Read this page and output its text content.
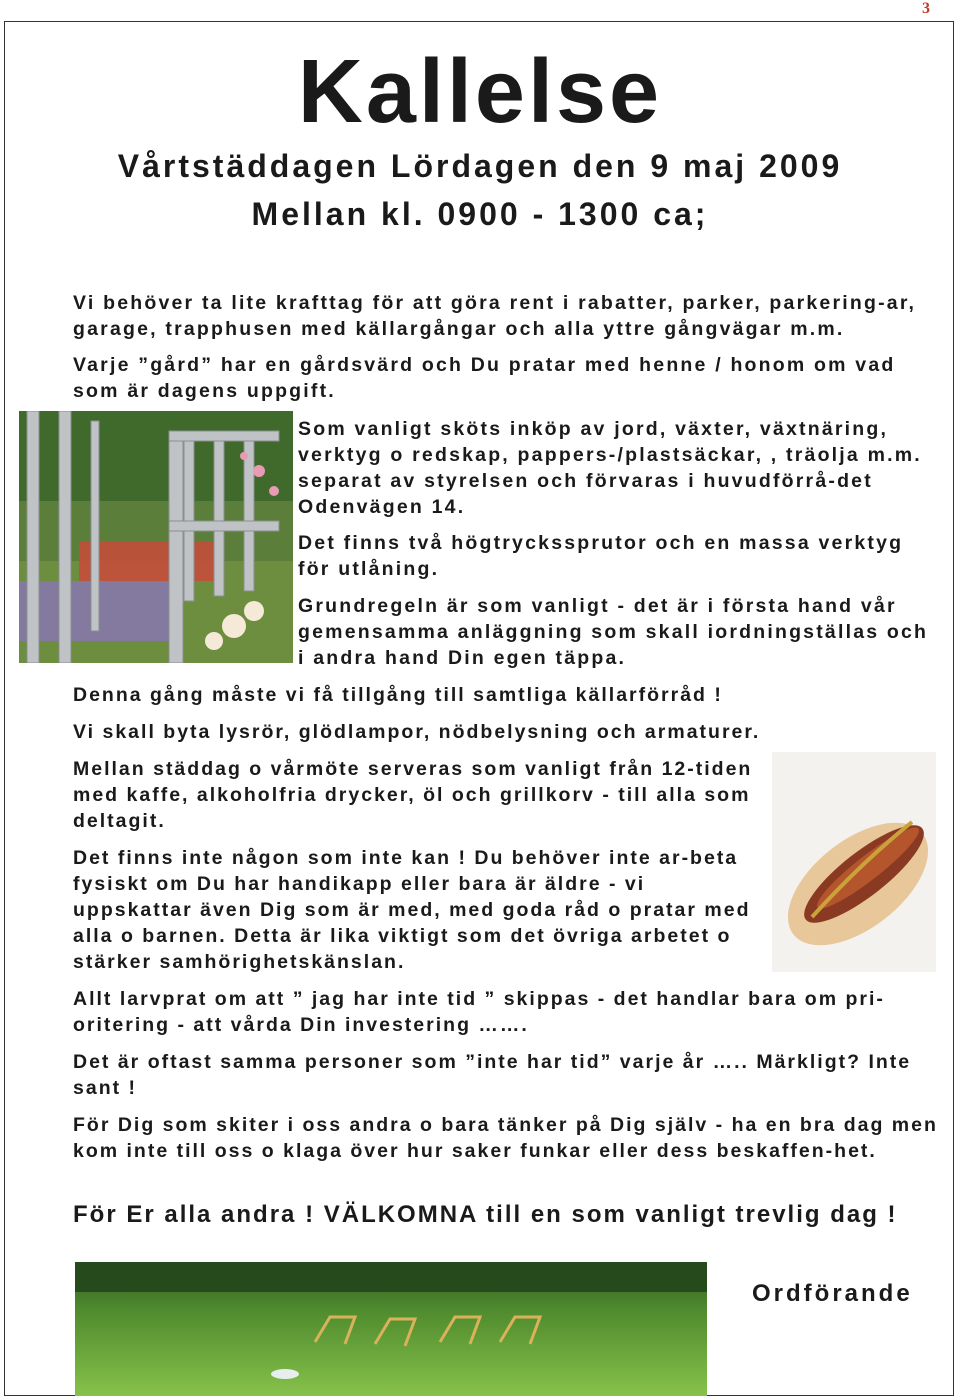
3
Kallelse
Vårtstäddagen Lördagen den 9 maj 2009
Mellan kl. 0900 - 1300 ca;

Vi behöver ta lite krafttag för att göra rent i rabatter, parker, parkering-ar, garage, trapphusen med källargångar och alla yttre gångvägar m.m.

Varje ”gård” har en gårdsvärd och Du pratar med henne / honom om vad som är dagens uppgift.

Som vanligt sköts inköp av jord, växter, växtnäring, verktyg o redskap, pappers-/plastsäckar, , träolja m.m. separat av styrelsen och förvaras i huvudförrå-det Odenvägen 14.

Det finns två högtryckssprutor och en massa verktyg för utlåning.

Grundregeln är som vanligt - det är i första hand vår gemensamma anläggning som skall iordningställas och i andra hand Din egen täppa.

Denna gång måste vi få tillgång till samtliga källarförråd !

Vi skall byta lysrör, glödlampor, nödbelysning och armaturer.

Mellan städdag o vårmöte serveras som vanligt från 12-tiden med kaffe, alkoholfria drycker, öl och grillkorv - till alla som deltagit.

Det finns inte någon som inte kan ! Du behöver inte ar-beta fysiskt om Du har handikapp eller bara är äldre - vi uppskattar även Dig som är med, med goda råd o pratar med alla o barnen. Detta är lika viktigt som det övriga arbetet o stärker samhörighetskänslan.

Allt larvprat om att ” jag har inte tid ” skippas - det handlar bara om pri-oritering - att vårda Din investering …….

Det är oftast samma personer som ”inte har tid” varje år ….. Märkligt? Inte sant !

För Dig som skiter i oss andra o bara tänker på Dig själv - ha en bra dag men kom inte till oss o klaga över hur saker funkar eller dess beskaffen-het.

För Er alla andra ! VÄLKOMNA till en som vanligt trevlig dag !

Ordförande
